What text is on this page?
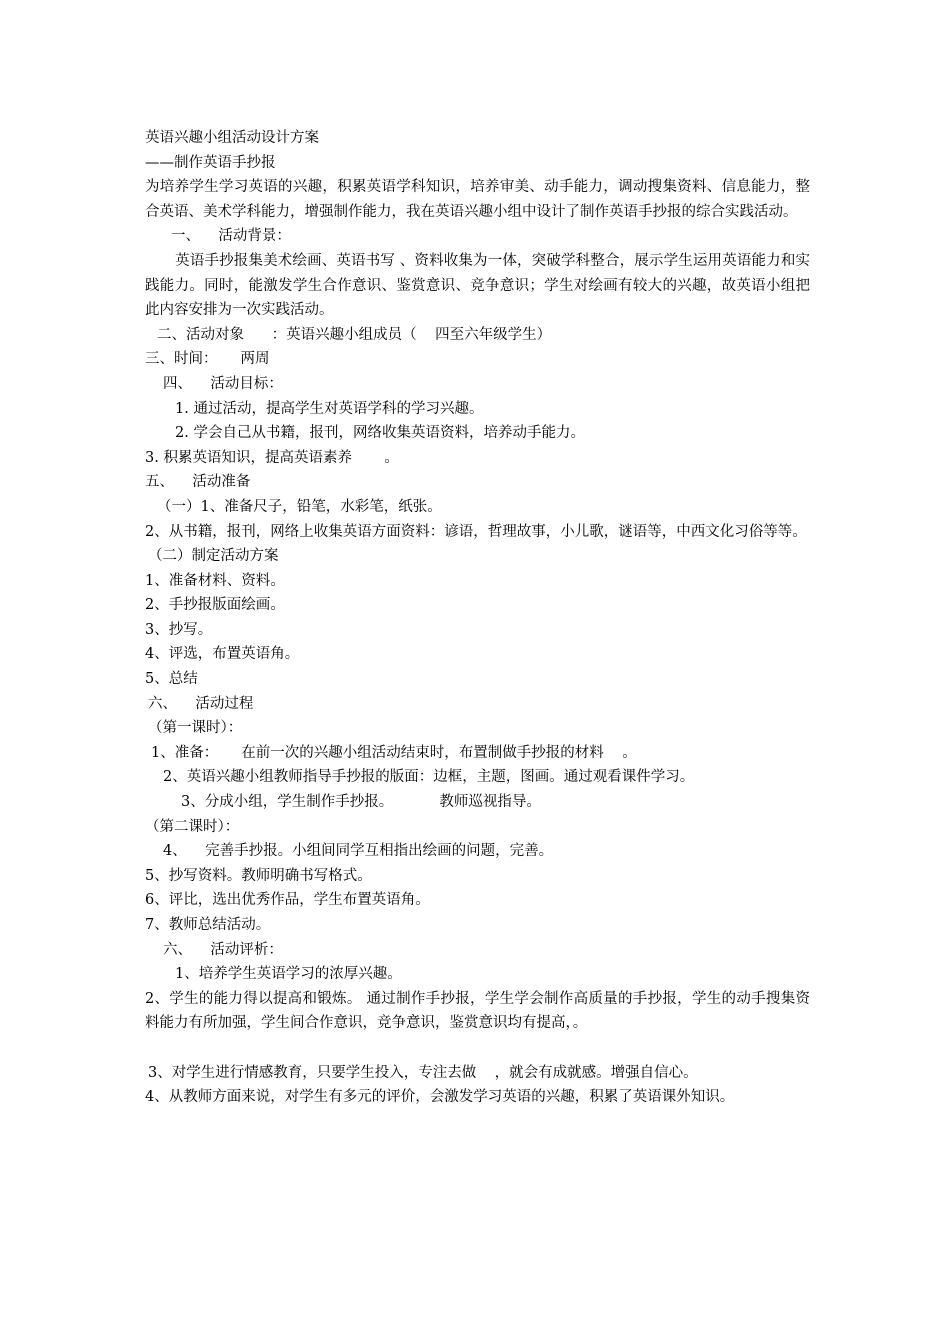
英语兴趣小组活动设计方案
——制作英语手抄报
为培养学生学习英语的兴趣，积累英语学科知识，培养审美、动手能力，调动搜集资料、信息能力，整合英语、美术学科能力，增强制作能力，我在英语兴趣小组中设计了制作英语手抄报的综合实践活动。
一、    活动背景：
英语手抄报集美术绘画、英语书写 、资料收集为一体，突破学科整合，展示学生运用英语能力和实践能力。同时，能激发学生合作意识、鉴赏意识、竞争意识；学生对绘画有较大的兴趣，故英语小组把此内容安排为一次实践活动。
二、活动对象      ：英语兴趣小组成员（    四至六年级学生）
三、时间：     两周
四、    活动目标：
1. 通过活动，提高学生对英语学科的学习兴趣。
2. 学会自己从书籍，报刊，网络收集英语资料，培养动手能力。
3. 积累英语知识，提高英语素养       。
五、    活动准备
（一）1、准备尺子，铅笔，水彩笔，纸张。
2、从书籍，报刊，网络上收集英语方面资料：谚语，哲理故事，小儿歌，谜语等，中西文化习俗等等。
（二）制定活动方案
1、准备材料、资料。
2、手抄报版面绘画。
3、抄写。
4、评选，布置英语角。
5、总结
六、    活动过程
（第一课时）：
1、准备：     在前一次的兴趣小组活动结束时，布置制做手抄报的材料    。
2、英语兴趣小组教师指导手抄报的版面：边框，主题，图画。通过观看课件学习。
3、分成小组，学生制作手抄报。          教师巡视指导。
（第二课时）：
4、    完善手抄报。小组间同学互相指出绘画的问题，完善。
5、抄写资料。教师明确书写格式。
6、评比，选出优秀作品，学生布置英语角。
7、教师总结活动。
六、    活动评析：
1、培养学生英语学习的浓厚兴趣。
2、学生的能力得以提高和锻炼。 通过制作手抄报，学生学会制作高质量的手抄报，学生的动手搜集资料能力有所加强，学生间合作意识，竞争意识，鉴赏意识均有提高，。
3、对学生进行情感教育，只要学生投入，专注去做    ，就会有成就感。增强自信心。
4、从教师方面来说，对学生有多元的评价，会激发学习英语的兴趣，积累了英语课外知识。
